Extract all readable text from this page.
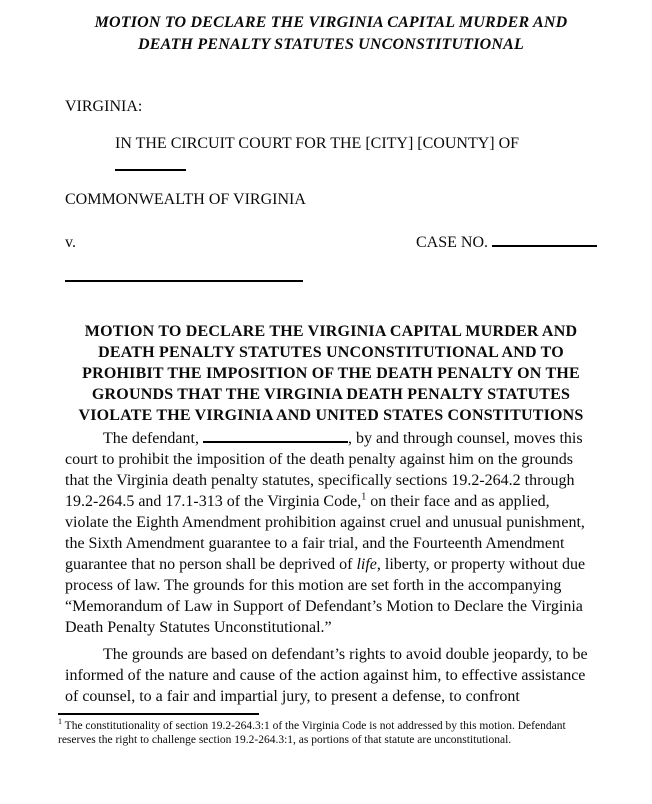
MOTION TO DECLARE THE VIRGINIA CAPITAL MURDER AND
DEATH PENALTY STATUTES UNCONSTITUTIONAL
VIRGINIA:
IN THE CIRCUIT COURT FOR THE [CITY] [COUNTY] OF
COMMONWEALTH OF VIRGINIA
v.	CASE NO.
MOTION TO DECLARE THE VIRGINIA CAPITAL MURDER AND
DEATH PENALTY STATUTES UNCONSTITUTIONAL AND TO
PROHIBIT THE IMPOSITION OF THE DEATH PENALTY ON THE
GROUNDS THAT THE VIRGINIA DEATH PENALTY STATUTES
VIOLATE THE VIRGINIA AND UNITED STATES CONSTITUTIONS

The defendant,	, by and through counsel, moves this court to prohibit the imposition of the death penalty against him on the grounds that the Virginia death penalty statutes, specifically sections 19.2-264.2 through 19.2-264.5 and 17.1-313 of the Virginia Code,$^1$ on their face and as applied, violate the Eighth Amendment prohibition against cruel and unusual punishment, the Sixth Amendment guarantee to a fair trial, and the Fourteenth Amendment guarantee that no person shall be deprived of life, liberty, or property without due process of law. The grounds for this motion are set forth in the accompanying “Memorandum of Law in Support of Defendant’s Motion to Declare the Virginia Death Penalty Statutes Unconstitutional.”

The grounds are based on defendant’s rights to avoid double jeopardy, to be informed of the nature and cause of the action against him, to effective assistance of counsel, to a fair and impartial jury, to present a defense, to confront

$^1$ The constitutionality of section 19.2-264.3:1 of the Virginia Code is not addressed by this motion. Defendant reserves the right to challenge section 19.2-264.3:1, as portions of that statute are unconstitutional.
